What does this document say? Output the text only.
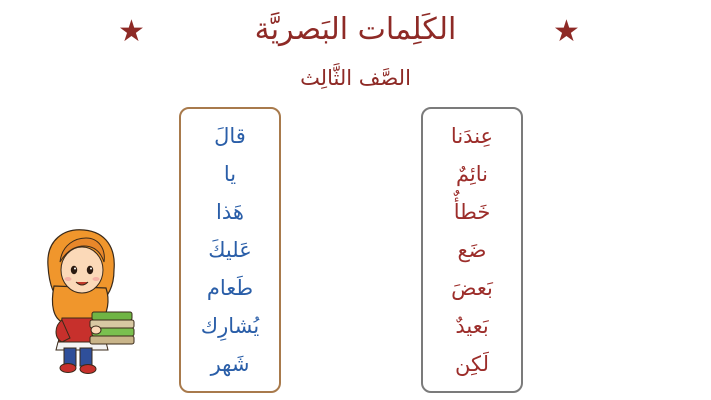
★	الكَلِمات البَصريَّة	★
الصَّف الثَّالِث
قالَ
يا
هَذا
عَليكَ
طَعام
يُشارِك
شَهر
عِندَنا
نائِمٌ
خَطأٌ
ضَع
بَعضَ
بَعيدٌ
لَكِن
